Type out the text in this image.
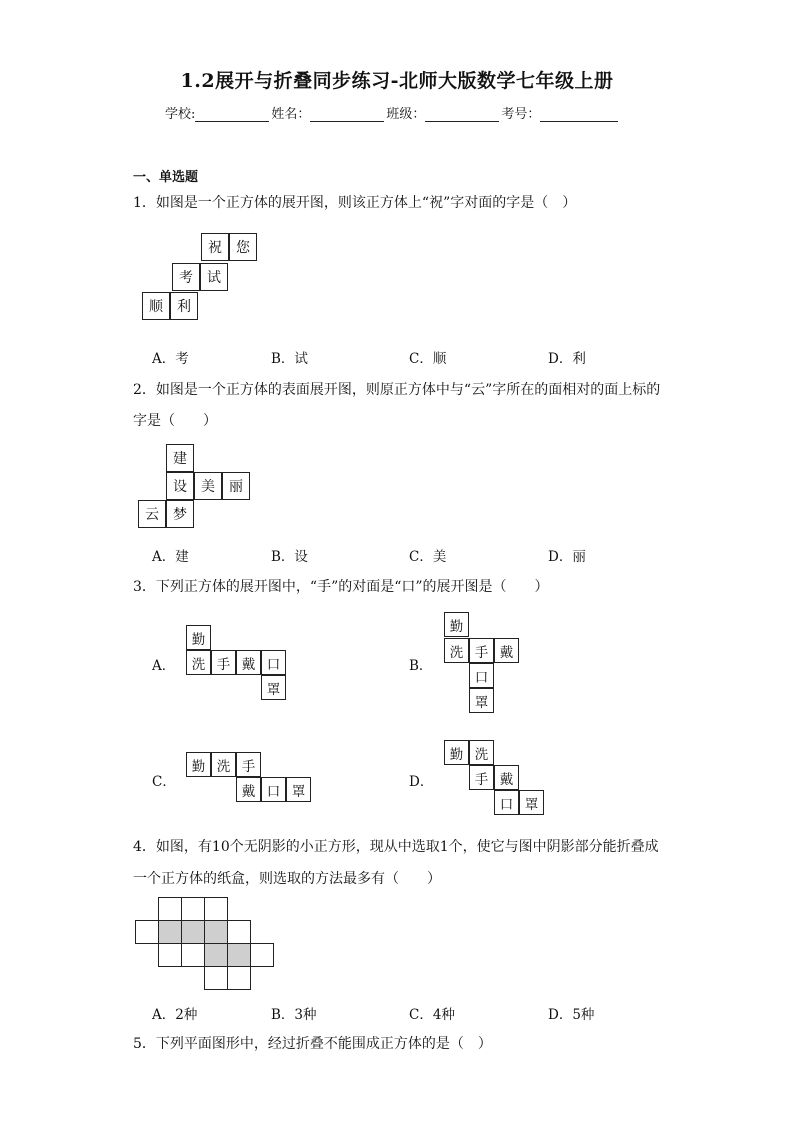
1.2展开与折叠同步练习-北师大版数学七年级上册
学校:	姓名：	班级：	考号：
一、单选题
1．如图是一个正方体的展开图，则该正方体上“祝”字对面的字是（　）
祝	您
考	试
顺	利
A．考	B．试	C．顺	D．利
2．如图是一个正方体的表面展开图，则原正方体中与“云”字所在的面相对的面上标的
字是（　　）
建
设	美	丽
云	梦
A．建	B．设	C．美	D．丽
3．下列正方体的展开图中，“手”的对面是“口”的展开图是（　　）
A．
勤
洗 手 戴 口
罩
B．
勤
洗 手 戴
口
罩
C．
勤 洗 手
戴 口 罩
D．
勤 洗
手 戴
口 罩
4．如图，有10个无阴影的小正方形，现从中选取1个，使它与图中阴影部分能折叠成
一个正方体的纸盒，则选取的方法最多有（　　）
A．2种	B．3种	C．4种	D．5种
5．下列平面图形中，经过折叠不能围成正方体的是（　）
